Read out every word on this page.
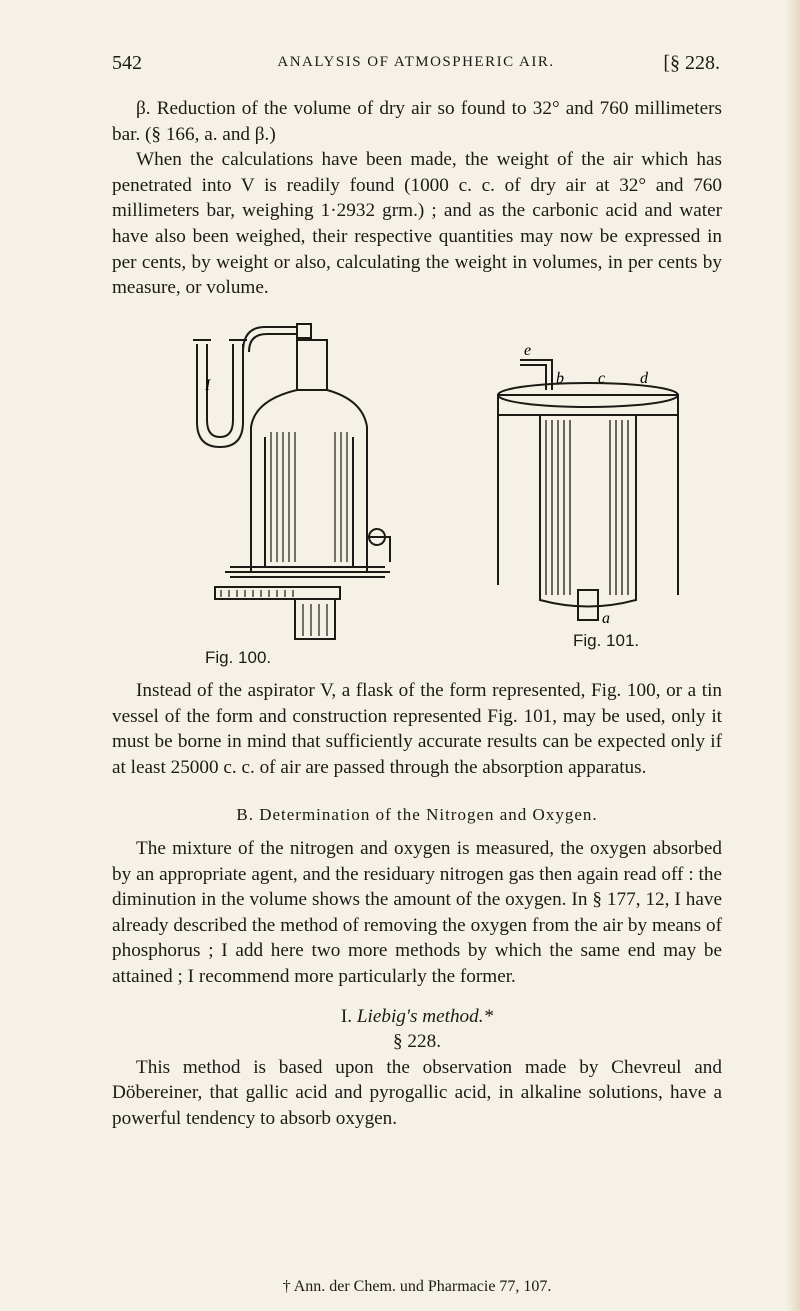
542	ANALYSIS OF ATMOSPHERIC AIR.	[§ 228.

β. Reduction of the volume of dry air so found to 32° and 760 millimeters bar. (§ 166, a. and β.)

When the calculations have been made, the weight of the air which has penetrated into V is readily found (1000 c. c. of dry air at 32° and 760 millimeters bar, weighing 1·2932 grm.) ; and as the carbonic acid and water have also been weighed, their respective quantities may now be expressed in per cents, by weight or also, calculating the weight in volumes, in per cents by measure, or volume.

I
Fig. 100.
e
b c d
a
Fig. 101.

Instead of the aspirator V, a flask of the form represented, Fig. 100, or a tin vessel of the form and construction represented Fig. 101, may be used, only it must be borne in mind that sufficiently accurate results can be expected only if at least 25000 c. c. of air are passed through the absorption apparatus.

B. Determination of the Nitrogen and Oxygen.

The mixture of the nitrogen and oxygen is measured, the oxygen absorbed by an appropriate agent, and the residuary nitrogen gas then again read off : the diminution in the volume shows the amount of the oxygen. In § 177, 12, I have already described the method of removing the oxygen from the air by means of phosphorus ; I add here two more methods by which the same end may be attained ; I recommend more particularly the former.

I. Liebig's method.*

§ 228.

This method is based upon the observation made by Chevreul and Döbereiner, that gallic acid and pyrogallic acid, in alkaline solutions, have a powerful tendency to absorb oxygen.

† Ann. der Chem. und Pharmacie 77, 107.
